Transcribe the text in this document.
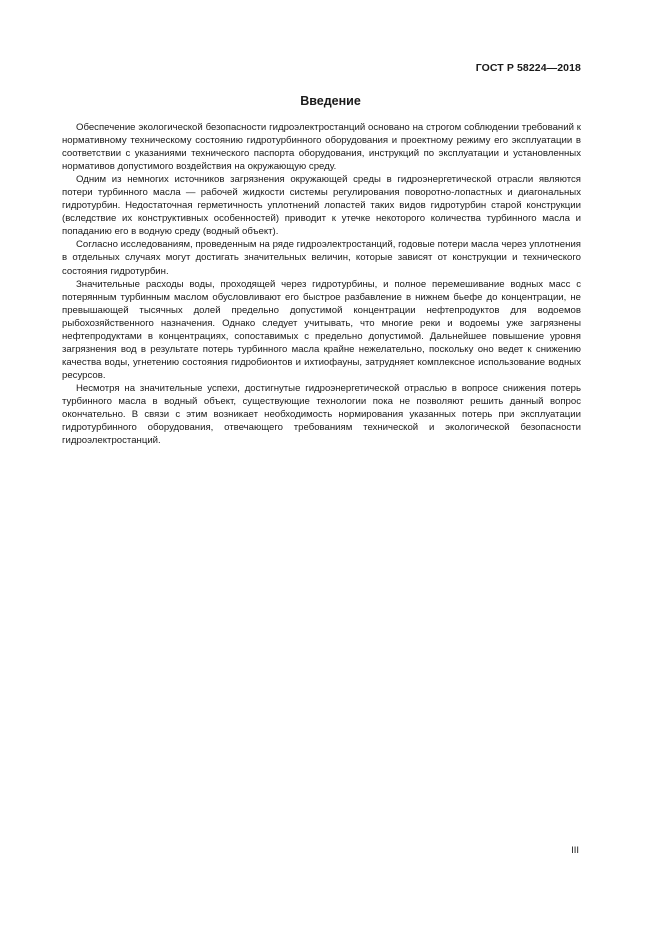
ГОСТ Р 58224—2018
Введение

Обеспечение экологической безопасности гидроэлектростанций основано на строгом соблюдении требований к нормативному техническому состоянию гидротурбинного оборудования и проектному режиму его эксплуатации в соответствии с указаниями технического паспорта оборудования, инструкций по эксплуатации и установленных нормативов допустимого воздействия на окружающую среду.

Одним из немногих источников загрязнения окружающей среды в гидроэнергетической отрасли являются потери турбинного масла — рабочей жидкости системы регулирования поворотно-лопастных и диагональных гидротурбин. Недостаточная герметичность уплотнений лопастей таких видов гидротурбин старой конструкции (вследствие их конструктивных особенностей) приводит к утечке некоторого количества турбинного масла и попаданию его в водную среду (водный объект).

Согласно исследованиям, проведенным на ряде гидроэлектростанций, годовые потери масла через уплотнения в отдельных случаях могут достигать значительных величин, которые зависят от конструкции и технического состояния гидротурбин.

Значительные расходы воды, проходящей через гидротурбины, и полное перемешивание водных масс с потерянным турбинным маслом обусловливают его быстрое разбавление в нижнем бьефе до концентрации, не превышающей тысячных долей предельно допустимой концентрации нефтепродуктов для водоемов рыбохозяйственного назначения. Однако следует учитывать, что многие реки и водоемы уже загрязнены нефтепродуктами в концентрациях, сопоставимых с предельно допустимой. Дальнейшее повышение уровня загрязнения вод в результате потерь турбинного масла крайне нежелательно, поскольку оно ведет к снижению качества воды, угнетению состояния гидробионтов и ихтиофауны, затрудняет комплексное использование водных ресурсов.

Несмотря на значительные успехи, достигнутые гидроэнергетической отраслью в вопросе снижения потерь турбинного масла в водный объект, существующие технологии пока не позволяют решить данный вопрос окончательно. В связи с этим возникает необходимость нормирования указанных потерь при эксплуатации гидротурбинного оборудования, отвечающего требованиям технической и экологической безопасности гидроэлектростанций.

III
